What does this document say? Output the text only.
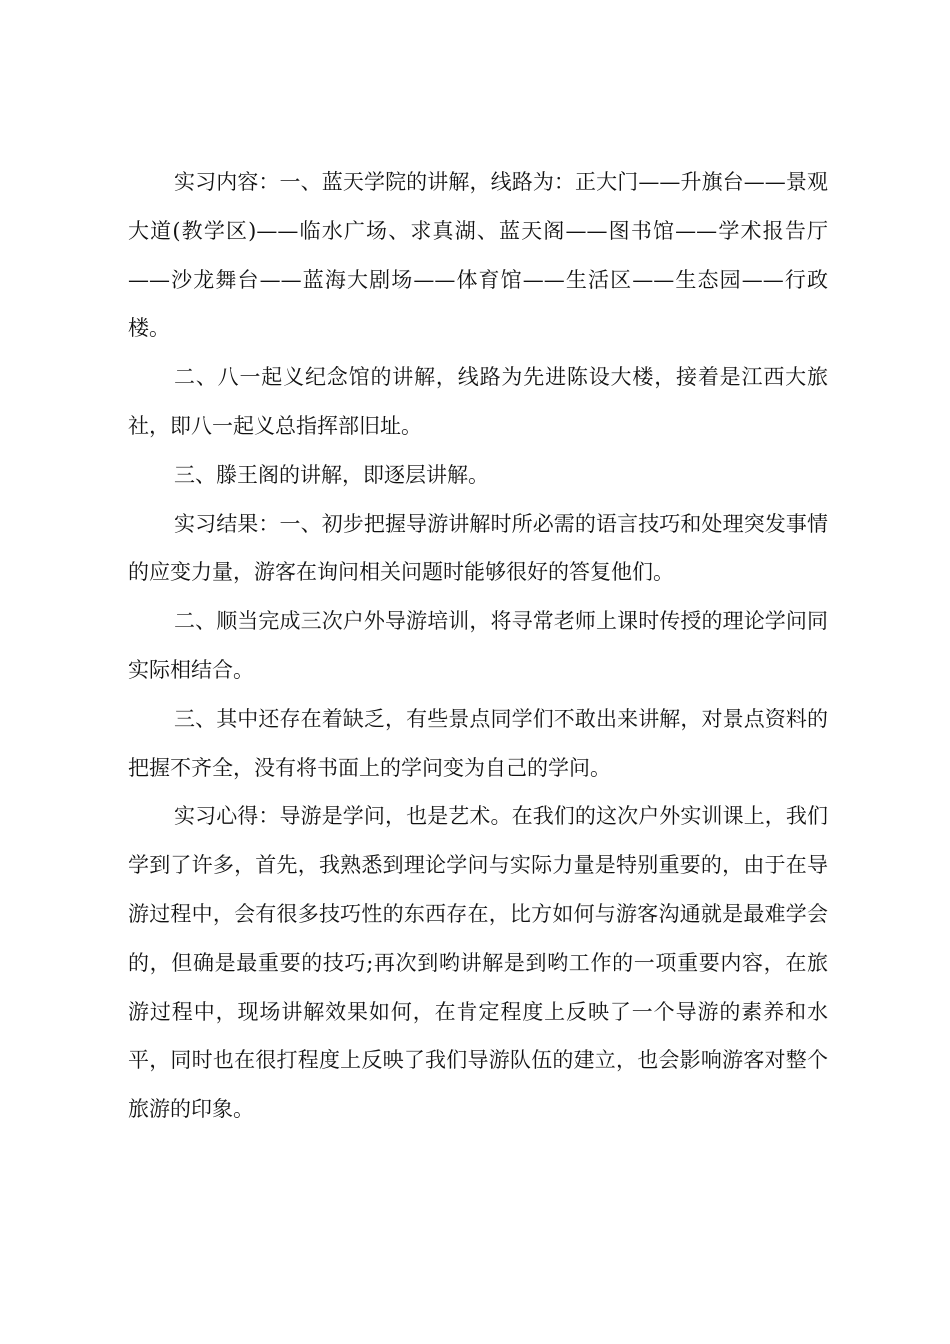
实习内容：一、蓝天学院的讲解，线路为：正大门——升旗台——景观大道(教学区)——临水广场、求真湖、蓝天阁——图书馆——学术报告厅——沙龙舞台——蓝海大剧场——体育馆——生活区——生态园——行政楼。

二、八一起义纪念馆的讲解，线路为先进陈设大楼，接着是江西大旅社，即八一起义总指挥部旧址。

三、滕王阁的讲解，即逐层讲解。

实习结果：一、初步把握导游讲解时所必需的语言技巧和处理突发事情的应变力量，游客在询问相关问题时能够很好的答复他们。

二、顺当完成三次户外导游培训，将寻常老师上课时传授的理论学问同实际相结合。

三、其中还存在着缺乏，有些景点同学们不敢出来讲解，对景点资料的把握不齐全，没有将书面上的学问变为自己的学问。

实习心得：导游是学问，也是艺术。在我们的这次户外实训课上，我们学到了许多，首先，我熟悉到理论学问与实际力量是特别重要的，由于在导游过程中，会有很多技巧性的东西存在，比方如何与游客沟通就是最难学会的，但确是最重要的技巧;再次到哟讲解是到哟工作的一项重要内容，在旅游过程中，现场讲解效果如何，在肯定程度上反映了一个导游的素养和水平，同时也在很打程度上反映了我们导游队伍的建立，也会影响游客对整个旅游的印象。
